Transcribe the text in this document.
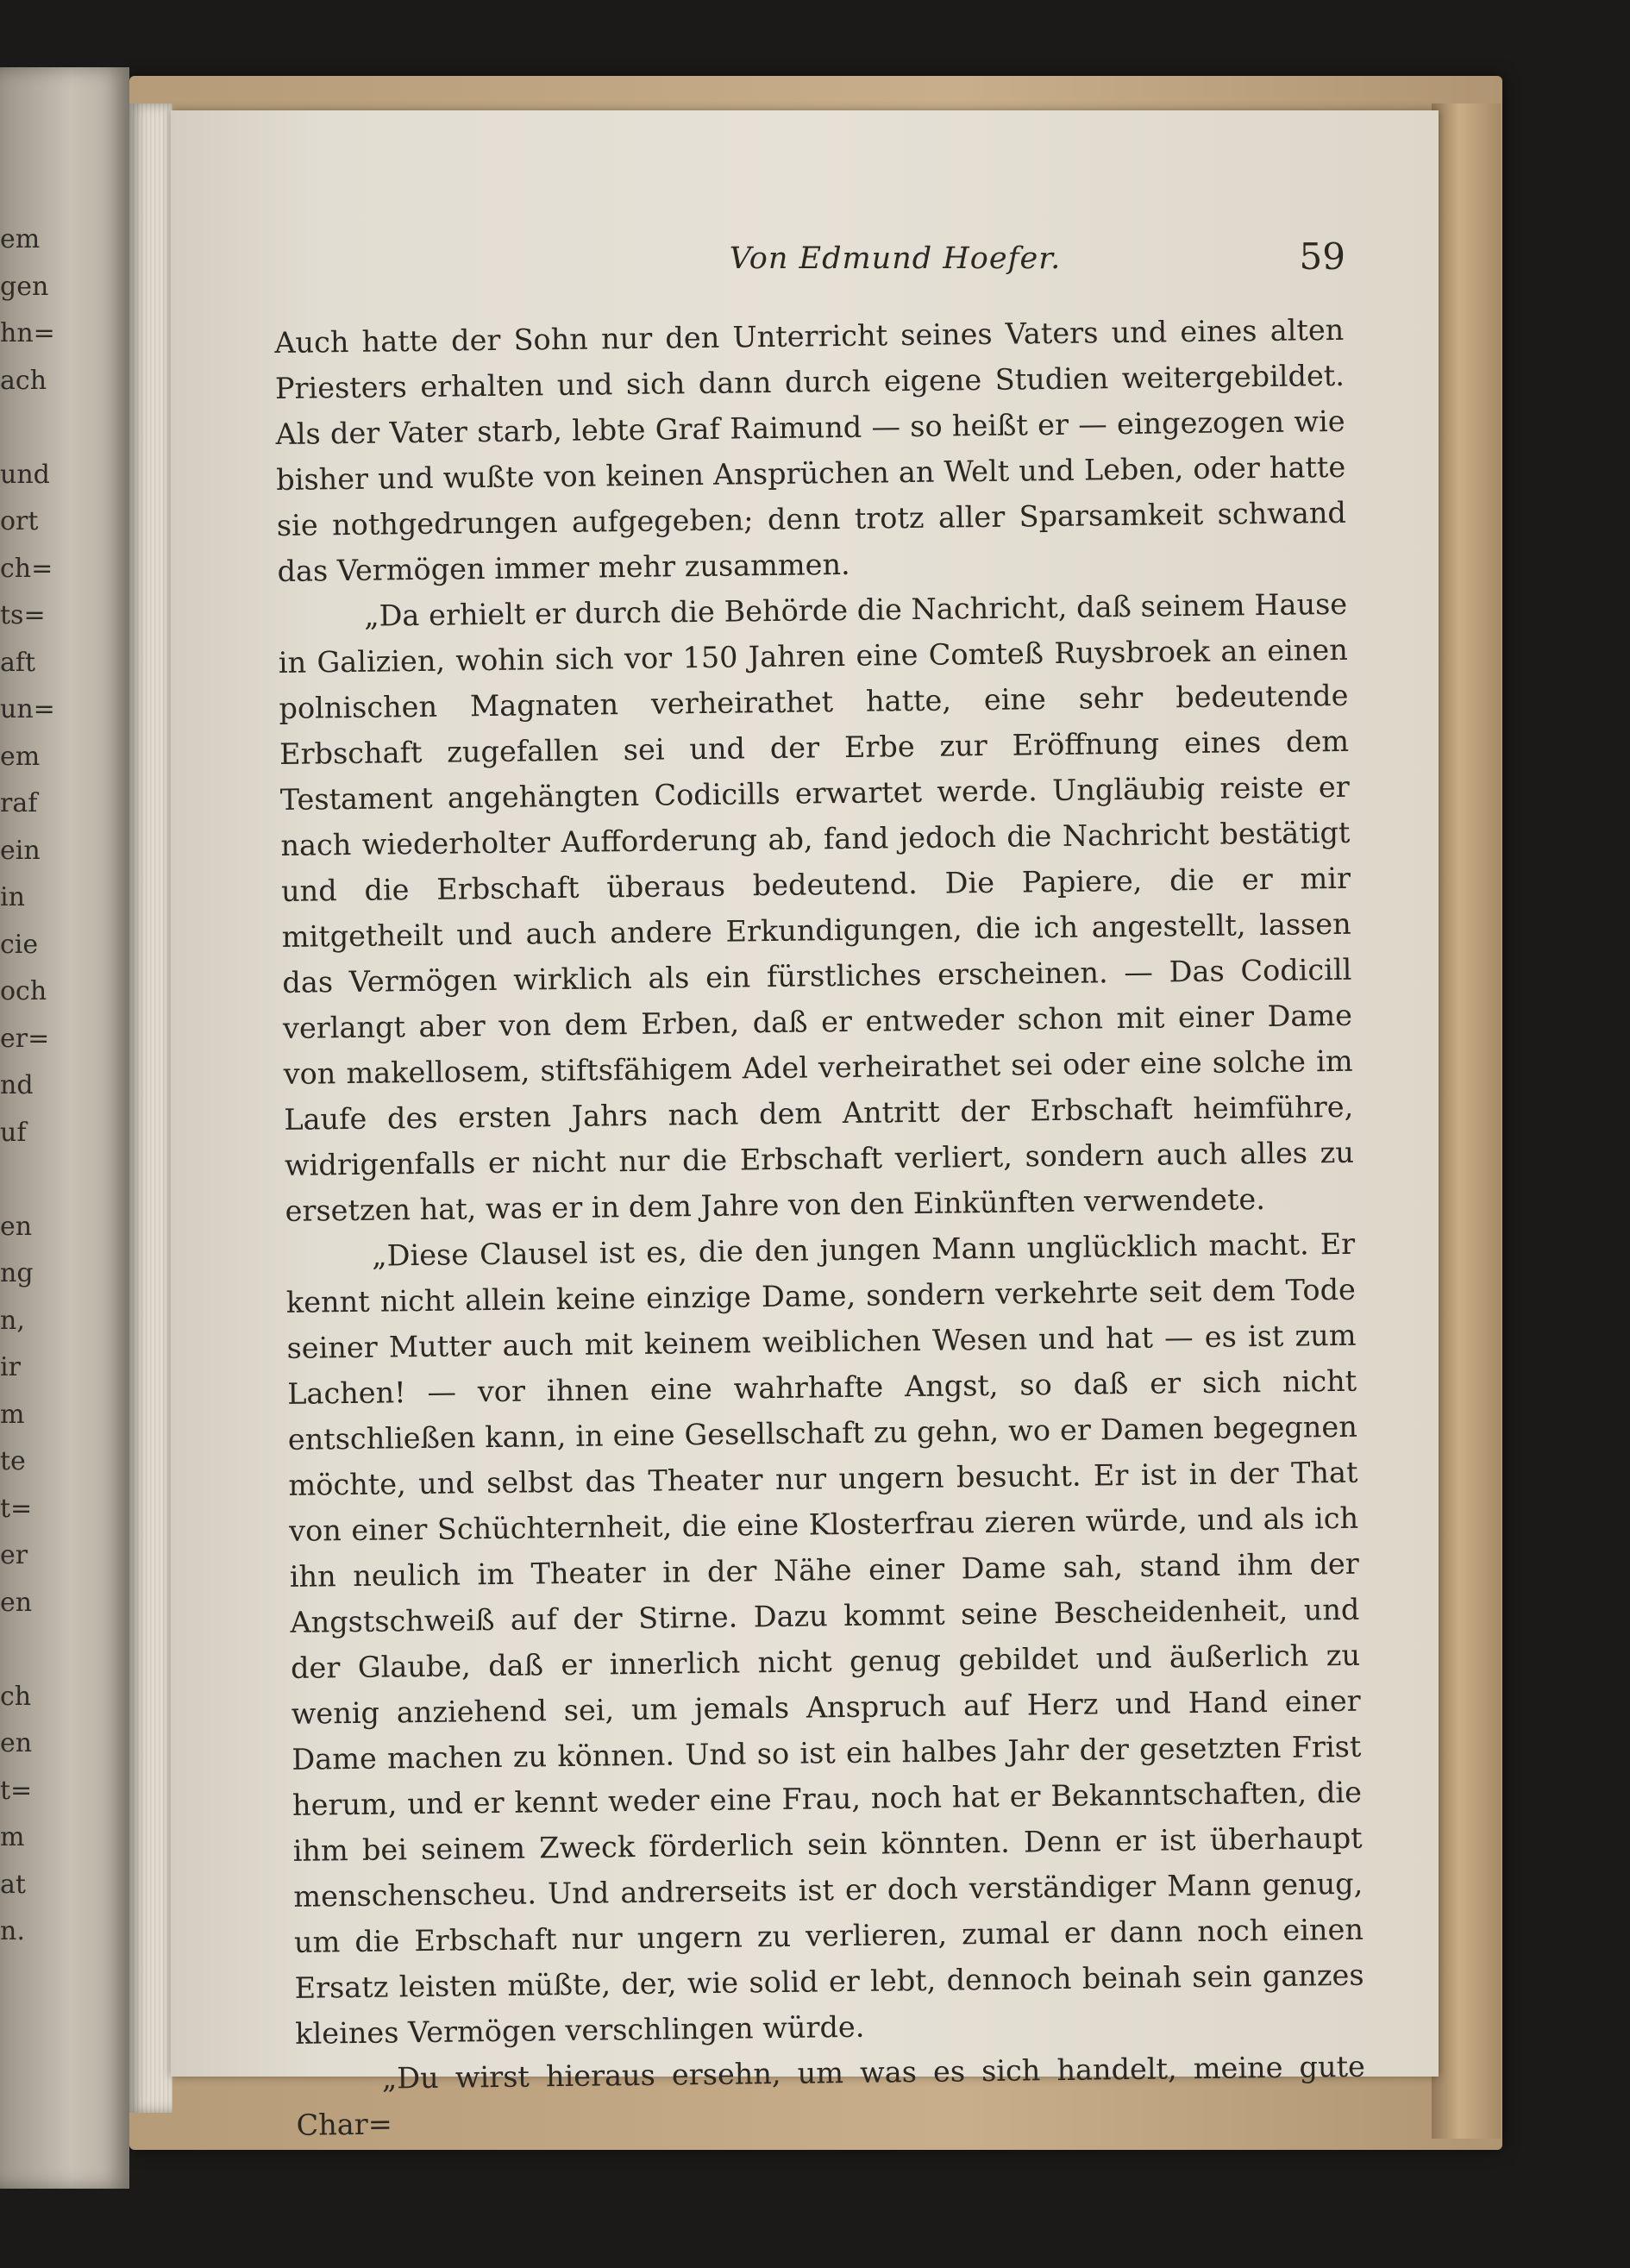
em
gen
hn=
ach
und
ort
ch=
ts=
aft
un=
em
raf
ein
in
cie
och
er=
nd
uf
en
ng
n,
ir
m
te
t=
er
en
ch
en
t=
m
at
n.
Von Edmund Hoefer.	59

Auch hatte der Sohn nur den Unterricht seines Vaters und eines alten Priesters erhalten und sich dann durch eigene Studien weitergebildet. Als der Vater starb, lebte Graf Raimund — so heißt er — eingezogen wie bisher und wußte von keinen Ansprüchen an Welt und Leben, oder hatte sie nothgedrungen aufgegeben; denn trotz aller Sparsamkeit schwand das Vermögen immer mehr zusammen.

„Da erhielt er durch die Behörde die Nachricht, daß seinem Hause in Galizien, wohin sich vor 150 Jahren eine Comteß Ruysbroek an einen polnischen Magnaten verheirathet hatte, eine sehr bedeutende Erbschaft zugefallen sei und der Erbe zur Eröffnung eines dem Testament angehängten Codicills erwartet werde. Ungläubig reiste er nach wiederholter Aufforderung ab, fand jedoch die Nachricht bestätigt und die Erbschaft überaus bedeutend. Die Papiere, die er mir mitgetheilt und auch andere Erkundigungen, die ich angestellt, lassen das Vermögen wirklich als ein fürstliches erscheinen. — Das Codicill verlangt aber von dem Erben, daß er entweder schon mit einer Dame von makellosem, stiftsfähigem Adel verheirathet sei oder eine solche im Laufe des ersten Jahrs nach dem Antritt der Erbschaft heimführe, widrigenfalls er nicht nur die Erbschaft verliert, sondern auch alles zu ersetzen hat, was er in dem Jahre von den Einkünften verwendete.

„Diese Clausel ist es, die den jungen Mann unglücklich macht. Er kennt nicht allein keine einzige Dame, sondern verkehrte seit dem Tode seiner Mutter auch mit keinem weiblichen Wesen und hat — es ist zum Lachen! — vor ihnen eine wahrhafte Angst, so daß er sich nicht entschließen kann, in eine Gesellschaft zu gehn, wo er Damen begegnen möchte, und selbst das Theater nur ungern besucht. Er ist in der That von einer Schüchternheit, die eine Klosterfrau zieren würde, und als ich ihn neulich im Theater in der Nähe einer Dame sah, stand ihm der Angstschweiß auf der Stirne. Dazu kommt seine Bescheidenheit, und der Glaube, daß er innerlich nicht genug gebildet und äußerlich zu wenig anziehend sei, um jemals Anspruch auf Herz und Hand einer Dame machen zu können. Und so ist ein halbes Jahr der gesetzten Frist herum, und er kennt weder eine Frau, noch hat er Bekanntschaften, die ihm bei seinem Zweck förderlich sein könnten. Denn er ist überhaupt menschenscheu. Und andrerseits ist er doch verständiger Mann genug, um die Erbschaft nur ungern zu verlieren, zumal er dann noch einen Ersatz leisten müßte, der, wie solid er lebt, dennoch beinah sein ganzes kleines Vermögen verschlingen würde.

„Du wirst hieraus ersehn, um was es sich handelt, meine gute Char=
